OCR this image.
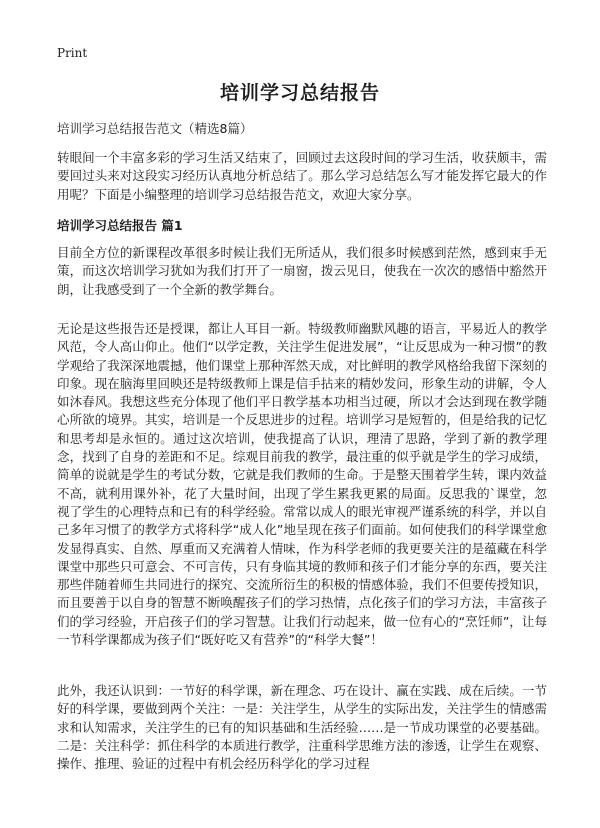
Print
培训学习总结报告

培训学习总结报告范文（精选8篇）

转眼间一个丰富多彩的学习生活又结束了，回顾过去这段时间的学习生活，收获颇丰，需要回过头来对这段实习经历认真地分析总结了。那么学习总结怎么写才能发挥它最大的作用呢？下面是小编整理的培训学习总结报告范文，欢迎大家分享。

培训学习总结报告 篇1

目前全方位的新课程改革很多时候让我们无所适从，我们很多时候感到茫然，感到束手无策，而这次培训学习犹如为我们打开了一扇窗，拨云见日，使我在一次次的感悟中豁然开朗，让我感受到了一个全新的教学舞台。

无论是这些报告还是授课，都让人耳目一新。特级教师幽默风趣的语言，平易近人的教学风范，令人高山仰止。他们“以学定教，关注学生促进发展”，“让反思成为一种习惯”的教学观给了我深深地震撼，他们课堂上那种浑然天成，对比鲜明的教学风格给我留下深刻的印象。现在脑海里回映还是特级教师上课是信手拈来的精妙发问，形象生动的讲解，令人如沐春风。我想这些充分体现了他们平日教学基本功相当过硬，所以才会达到现在教学随心所欲的境界。其实，培训是一个反思进步的过程。培训学习是短暂的，但是给我的记忆和思考却是永恒的。通过这次培训，使我提高了认识，理清了思路，学到了新的教学理念，找到了自身的差距和不足。综观目前我的教学，最注重的似乎就是学生的学习成绩，简单的说就是学生的考试分数，它就是我们教师的生命。于是整天围着学生转，课内效益不高，就利用课外补，花了大量时间，出现了学生累我更累的局面。反思我的`课堂，忽视了学生的心理特点和已有的科学经验。常常以成人的眼光审视严谨系统的科学，并以自己多年习惯了的教学方式将科学“成人化”地呈现在孩子们面前。如何使我们的科学课堂愈发显得真实、自然、厚重而又充满着人情味，作为科学老师的我更要关注的是蕴藏在科学课堂中那些只可意会、不可言传，只有身临其境的教师和孩子们才能分享的东西，要关注那些伴随着师生共同进行的探究、交流所衍生的积极的情感体验，我们不但要传授知识，而且要善于以自身的智慧不断唤醒孩子们的学习热情，点化孩子们的学习方法，丰富孩子们的学习经验，开启孩子们的学习智慧。让我们行动起来，做一位有心的“烹饪师”，让每一节科学课都成为孩子们“既好吃又有营养”的“科学大餐”！

此外，我还认识到：一节好的科学课，新在理念、巧在设计、赢在实践、成在后续。一节好的科学课，要做到两个关注：一是：关注学生，从学生的实际出发，关注学生的情感需求和认知需求，关注学生的已有的知识基础和生活经验……是一节成功课堂的必要基础。二是：关注科学：抓住科学的本质进行教学，注重科学思维方法的渗透，让学生在观察、操作、推理、验证的过程中有机会经历科学化的学习过程
